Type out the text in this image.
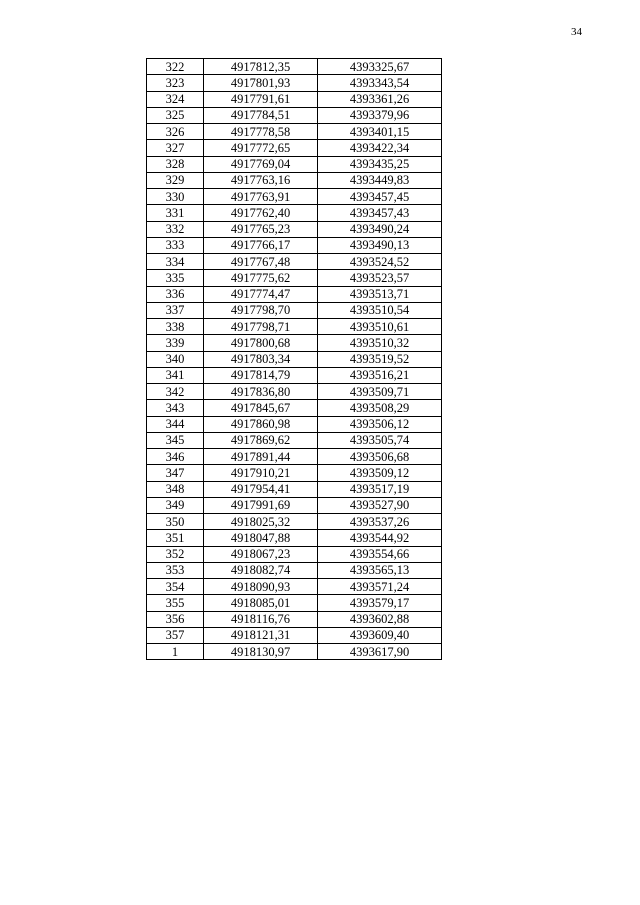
34
322	4917812,35	4393325,67
323	4917801,93	4393343,54
324	4917791,61	4393361,26
325	4917784,51	4393379,96
326	4917778,58	4393401,15
327	4917772,65	4393422,34
328	4917769,04	4393435,25
329	4917763,16	4393449,83
330	4917763,91	4393457,45
331	4917762,40	4393457,43
332	4917765,23	4393490,24
333	4917766,17	4393490,13
334	4917767,48	4393524,52
335	4917775,62	4393523,57
336	4917774,47	4393513,71
337	4917798,70	4393510,54
338	4917798,71	4393510,61
339	4917800,68	4393510,32
340	4917803,34	4393519,52
341	4917814,79	4393516,21
342	4917836,80	4393509,71
343	4917845,67	4393508,29
344	4917860,98	4393506,12
345	4917869,62	4393505,74
346	4917891,44	4393506,68
347	4917910,21	4393509,12
348	4917954,41	4393517,19
349	4917991,69	4393527,90
350	4918025,32	4393537,26
351	4918047,88	4393544,92
352	4918067,23	4393554,66
353	4918082,74	4393565,13
354	4918090,93	4393571,24
355	4918085,01	4393579,17
356	4918116,76	4393602,88
357	4918121,31	4393609,40
1	4918130,97	4393617,90
